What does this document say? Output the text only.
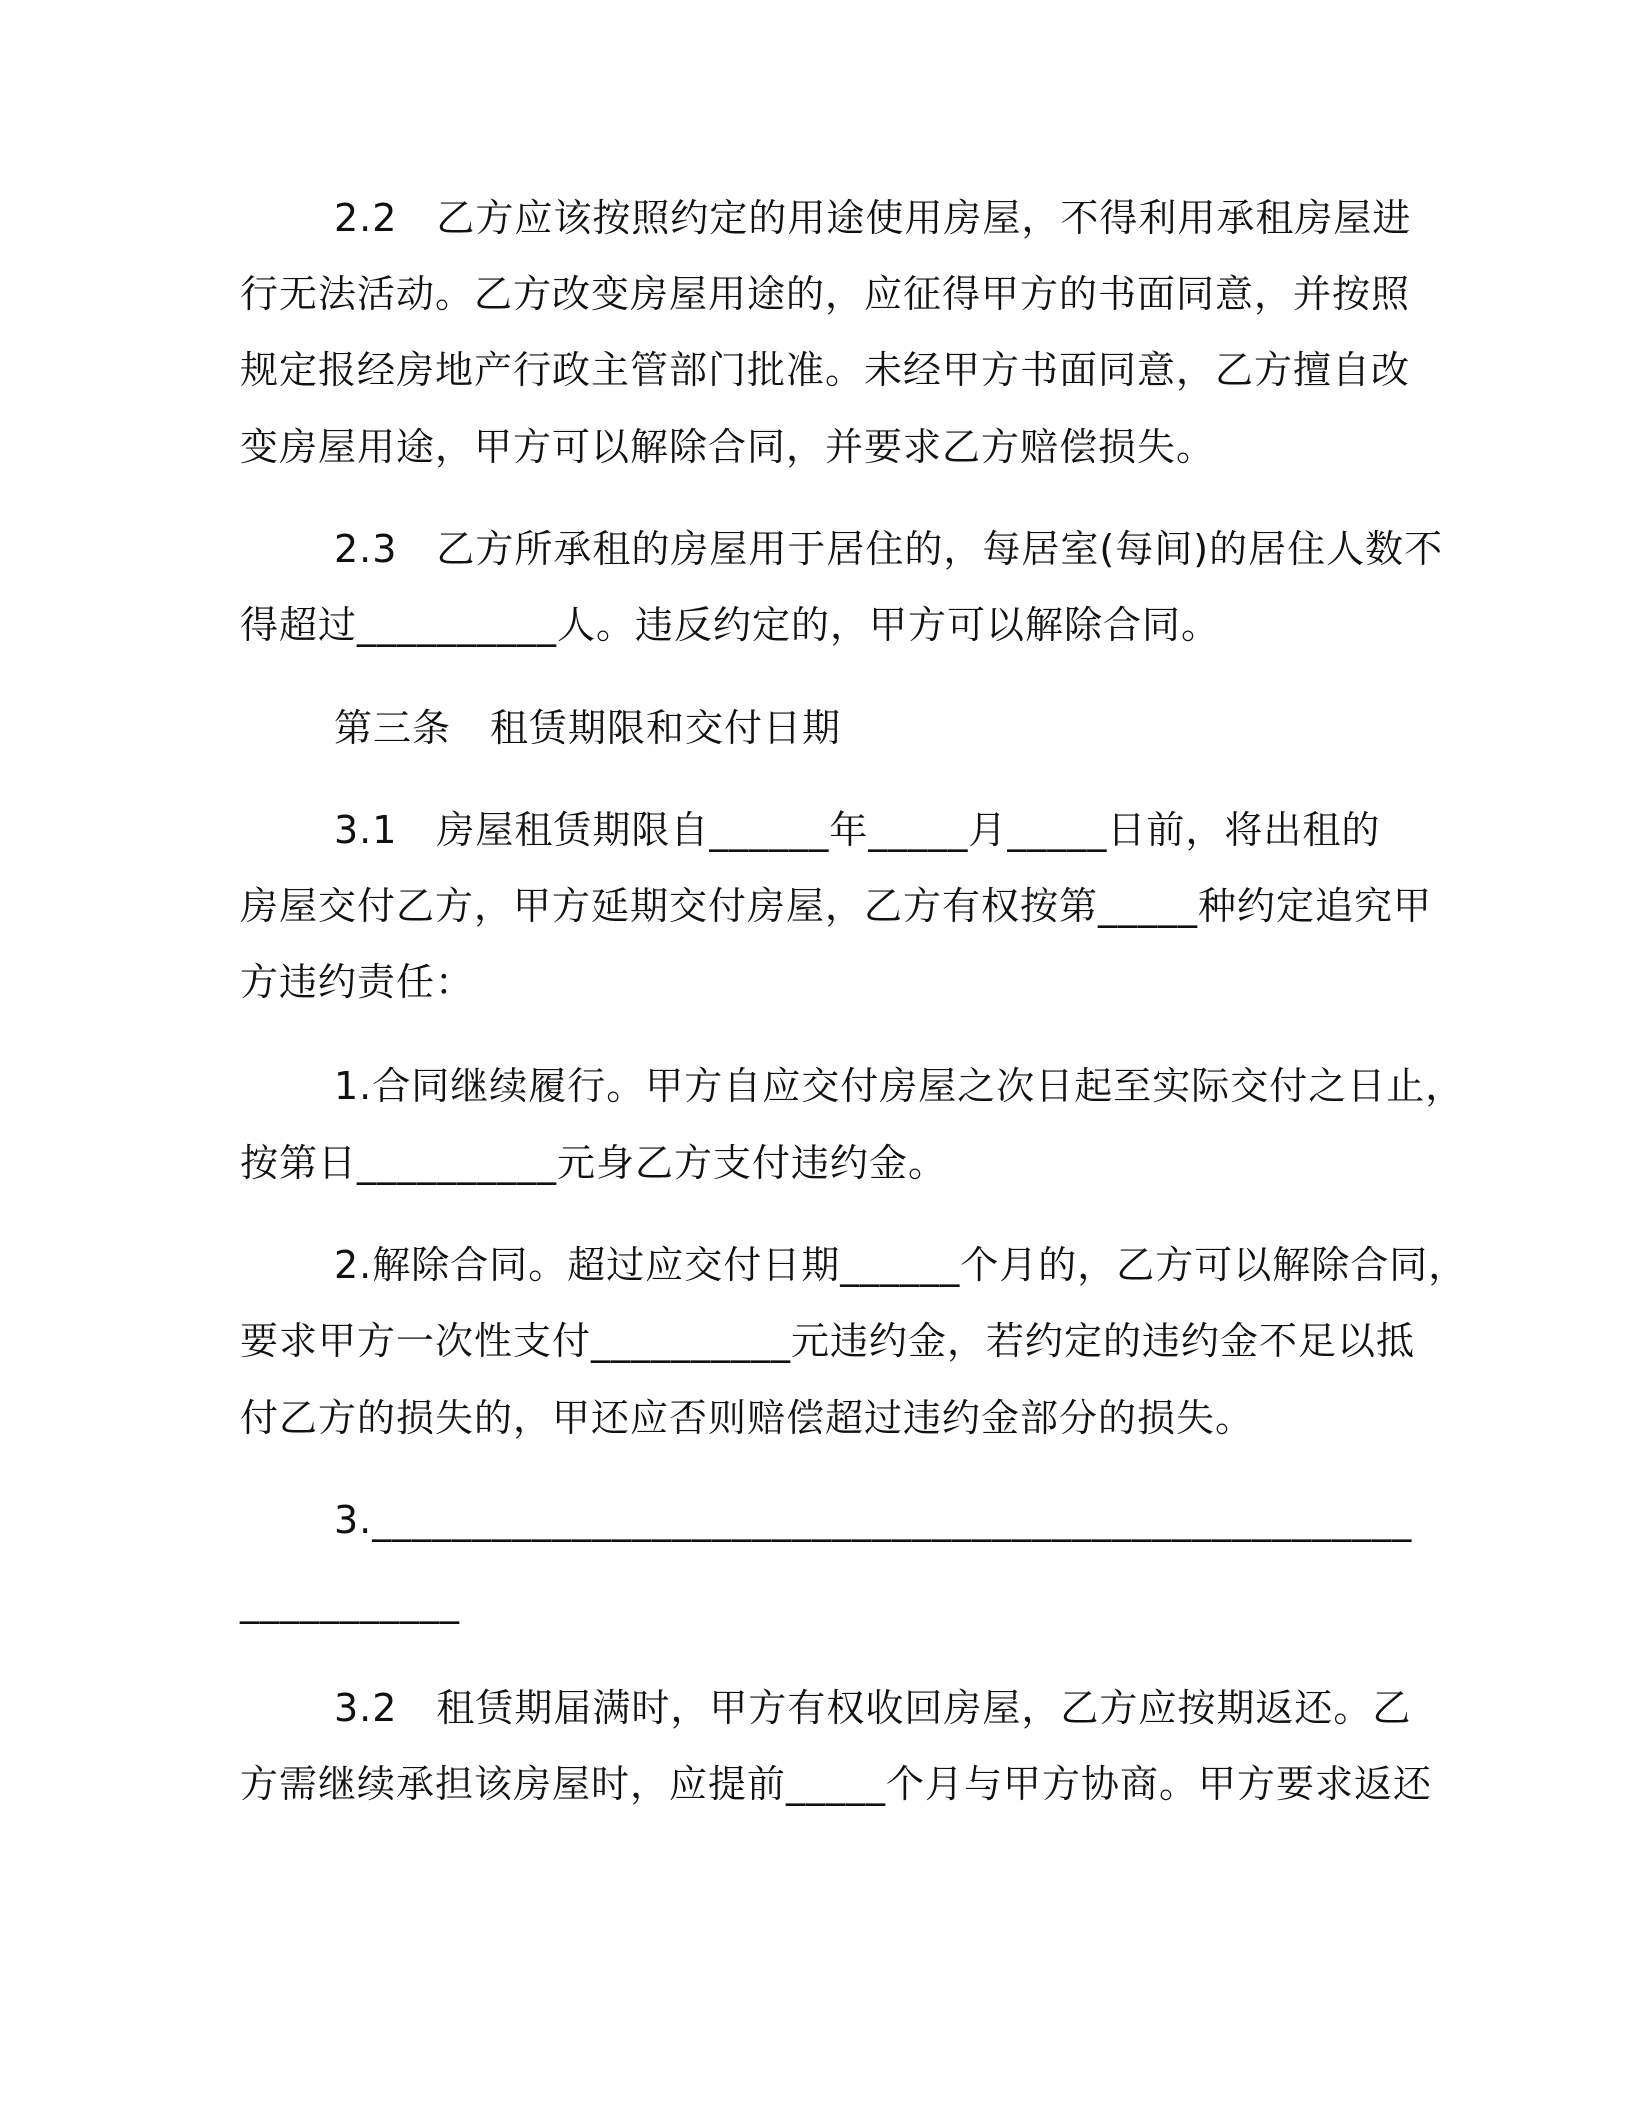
2.2　乙方应该按照约定的用途使用房屋，不得利用承租房屋进
行无法活动。乙方改变房屋用途的，应征得甲方的书面同意，并按照
规定报经房地产行政主管部门批准。未经甲方书面同意，乙方擅自改
变房屋用途，甲方可以解除合同，并要求乙方赔偿损失。
2.3　乙方所承租的房屋用于居住的，每居室(每间)的居住人数不
得超过__________人。违反约定的，甲方可以解除合同。
第三条　租赁期限和交付日期
3.1　房屋租赁期限自______年_____月_____日前，将出租的
房屋交付乙方，甲方延期交付房屋，乙方有权按第_____种约定追究甲
方违约责任：
1.合同继续履行。甲方自应交付房屋之次日起至实际交付之日止，
按第日__________元身乙方支付违约金。
2.解除合同。超过应交付日期______个月的，乙方可以解除合同，
要求甲方一次性支付__________元违约金，若约定的违约金不足以抵
付乙方的损失的，甲还应否则赔偿超过违约金部分的损失。
3.____________________________________________________
___________
3.2　租赁期届满时，甲方有权收回房屋，乙方应按期返还。乙
方需继续承担该房屋时，应提前_____个月与甲方协商。甲方要求返还
